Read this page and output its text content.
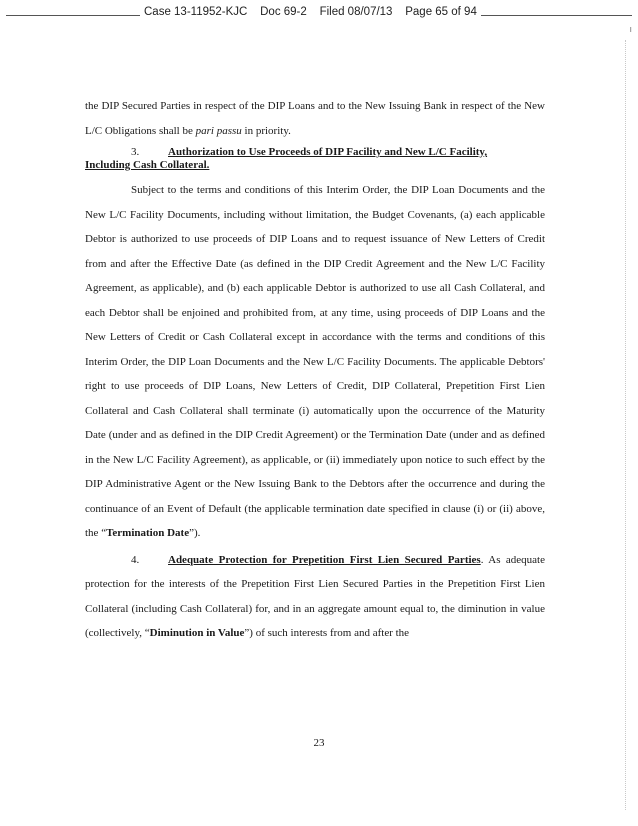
Case 13-11952-KJC    Doc 69-2    Filed 08/07/13    Page 65 of 94
ı

the DIP Secured Parties in respect of the DIP Loans and to the New Issuing Bank in respect of the New L/C Obligations shall be pari passu in priority.

3.	Authorization to Use Proceeds of DIP Facility and New L/C Facility,
Including Cash Collateral.

Subject to the terms and conditions of this Interim Order, the DIP Loan Documents and the New L/C Facility Documents, including without limitation, the Budget Covenants, (a) each applicable Debtor is authorized to use proceeds of DIP Loans and to request issuance of New Letters of Credit from and after the Effective Date (as defined in the DIP Credit Agreement and the New L/C Facility Agreement, as applicable), and (b) each applicable Debtor is authorized to use all Cash Collateral, and each Debtor shall be enjoined and prohibited from, at any time, using proceeds of DIP Loans and the New Letters of Credit or Cash Collateral except in accordance with the terms and conditions of this Interim Order, the DIP Loan Documents and the New L/C Facility Documents. The applicable Debtors' right to use proceeds of DIP Loans, New Letters of Credit, DIP Collateral, Prepetition First Lien Collateral and Cash Collateral shall terminate (i) automatically upon the occurrence of the Maturity Date (under and as defined in the DIP Credit Agreement) or the Termination Date (under and as defined in the New L/C Facility Agreement), as applicable, or (ii) immediately upon notice to such effect by the DIP Administrative Agent or the New Issuing Bank to the Debtors after the occurrence and during the continuance of an Event of Default (the applicable termination date specified in clause (i) or (ii) above, the “Termination Date”).

4.	Adequate Protection for Prepetition First Lien Secured Parties. As adequate protection for the interests of the Prepetition First Lien Secured Parties in the Prepetition First Lien Collateral (including Cash Collateral) for, and in an aggregate amount equal to, the diminution in value (collectively, “Diminution in Value”) of such interests from and after the

23
